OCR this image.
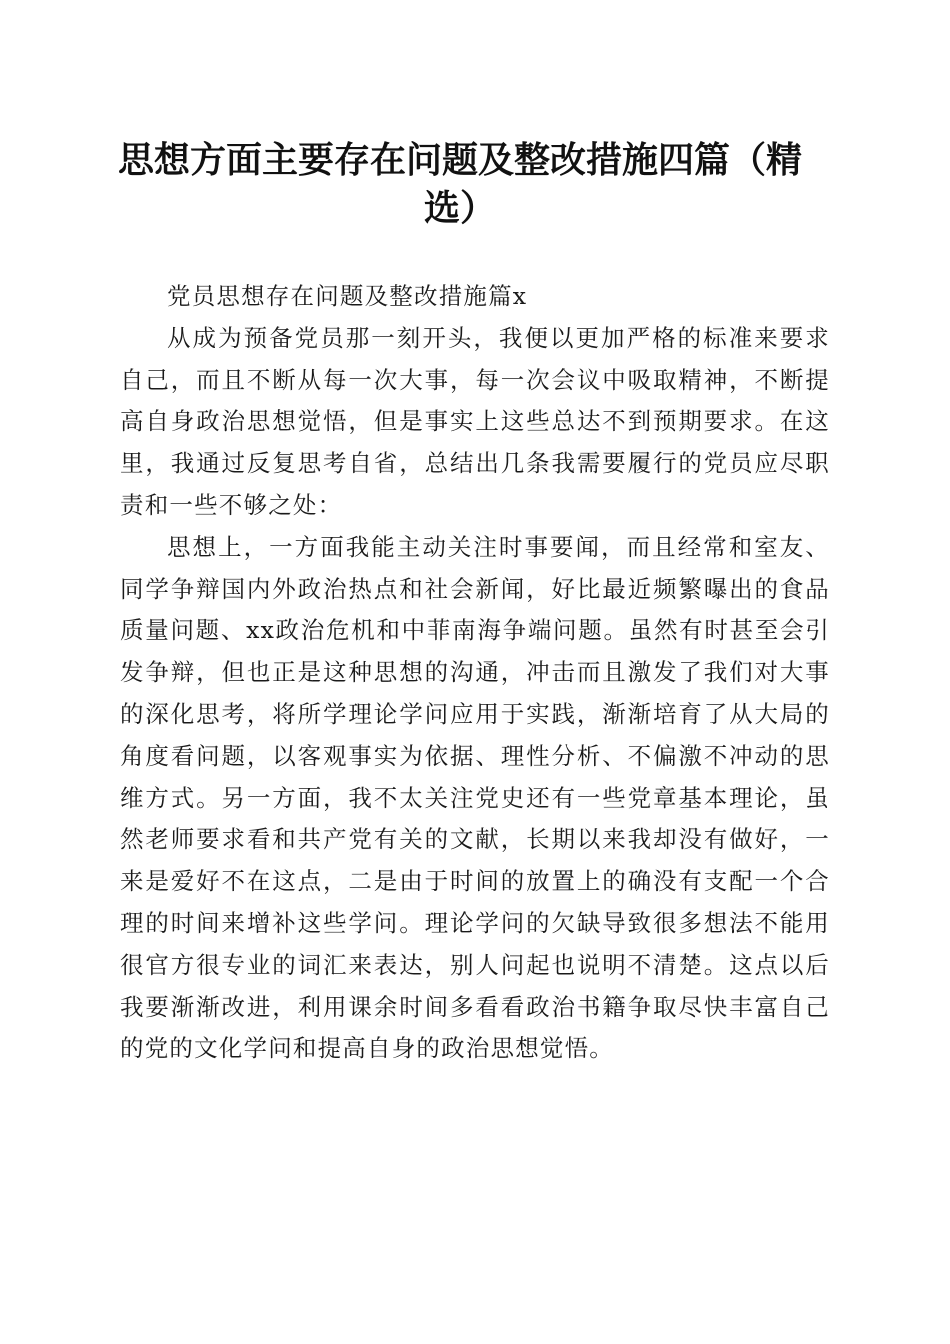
思想方面主要存在问题及整改措施四篇（精选）

党员思想存在问题及整改措施篇x

从成为预备党员那一刻开头，我便以更加严格的标准来要求自己，而且不断从每一次大事，每一次会议中吸取精神，不断提高自身政治思想觉悟，但是事实上这些总达不到预期要求。在这里，我通过反复思考自省，总结出几条我需要履行的党员应尽职责和一些不够之处：

思想上，一方面我能主动关注时事要闻，而且经常和室友、同学争辩国内外政治热点和社会新闻，好比最近频繁曝出的食品质量问题、xx政治危机和中菲南海争端问题。虽然有时甚至会引发争辩，但也正是这种思想的沟通，冲击而且激发了我们对大事的深化思考，将所学理论学问应用于实践，渐渐培育了从大局的角度看问题，以客观事实为依据、理性分析、不偏激不冲动的思维方式。另一方面，我不太关注党史还有一些党章基本理论，虽然老师要求看和共产党有关的文献，长期以来我却没有做好，一来是爱好不在这点，二是由于时间的放置上的确没有支配一个合理的时间来增补这些学问。理论学问的欠缺导致很多想法不能用很官方很专业的词汇来表达，别人问起也说明不清楚。这点以后我要渐渐改进，利用课余时间多看看政治书籍争取尽快丰富自己的党的文化学问和提高自身的政治思想觉悟。
